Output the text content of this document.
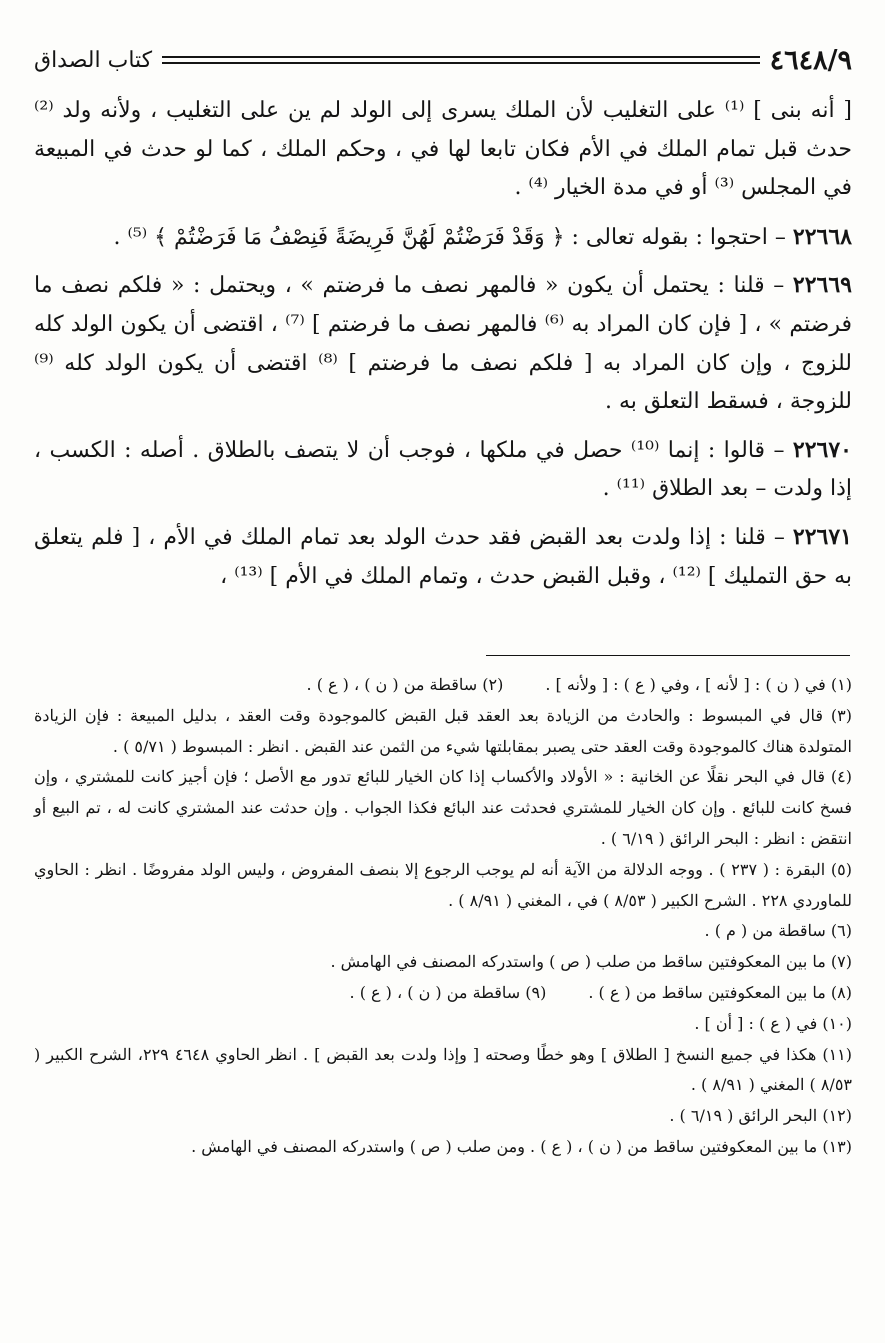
٤٦٤٨/٩
كتاب الصداق

[ أنه بنى ] ⁽¹⁾ على التغليب لأن الملك يسرى إلى الولد لم ين على التغليب ، ولأنه ولد ⁽²⁾ حدث قبل تمام الملك في الأم فكان تابعا لها في ، وحكم الملك ، كما لو حدث في المبيعة في المجلس ⁽³⁾ أو في مدة الخيار ⁽⁴⁾ .

٢٢٦٦٨ – احتجوا : بقوله تعالى : ﴿ وَقَدْ فَرَضْتُمْ لَهُنَّ فَرِيضَةً فَنِصْفُ مَا فَرَضْتُمْ ﴾ ⁽⁵⁾ .

٢٢٦٦٩ – قلنا : يحتمل أن يكون « فالمهر نصف ما فرضتم » ، ويحتمل : « فلكم نصف ما فرضتم » ، [ فإن كان المراد به ⁽⁶⁾ فالمهر نصف ما فرضتم ] ⁽⁷⁾ ، اقتضى أن يكون الولد كله للزوج ، وإن كان المراد به [ فلكم نصف ما فرضتم ] ⁽⁸⁾ اقتضى أن يكون الولد كله ⁽⁹⁾ للزوجة ، فسقط التعلق به .

٢٢٦٧٠ – قالوا : إنما ⁽¹⁰⁾ حصل في ملكها ، فوجب أن لا يتصف بالطلاق . أصله : الكسب ، إذا ولدت – بعد الطلاق ⁽¹¹⁾ .

٢٢٦٧١ – قلنا : إذا ولدت بعد القبض فقد حدث الولد بعد تمام الملك في الأم ، [ فلم يتعلق به حق التمليك ] ⁽¹²⁾ ، وقبل القبض حدث ، وتمام الملك في الأم ] ⁽¹³⁾ ،

(١) في ( ن ) : [ لأنه ] ، وفي ( ع ) : [ ولأنه ] .

(٢) ساقطة من ( ن ) ، ( ع ) .

(٣) قال في المبسوط : والحادث من الزيادة بعد العقد قبل القبض كالموجودة وقت العقد ، بدليل المبيعة : فإن الزيادة المتولدة هناك كالموجودة وقت العقد حتى يصبر بمقابلتها شيء من الثمن عند القبض . انظر : المبسوط ( ٥/٧١ ) .

(٤) قال في البحر نقلًا عن الخانية : « الأولاد والأكساب إذا كان الخيار للبائع تدور مع الأصل ؛ فإن أجيز كانت للمشتري ، وإن فسخ كانت للبائع . وإن كان الخيار للمشتري فحدثت عند البائع فكذا الجواب . وإن حدثت عند المشتري كانت له ، تم البيع أو انتقض : انظر : البحر الرائق ( ٦/١٩ ) .

(٥) البقرة : ( ٢٣٧ ) . ووجه الدلالة من الآية أنه لم يوجب الرجوع إلا بنصف المفروض ، وليس الولد مفروضًا . انظر : الحاوي للماوردي ٢٢٨ . الشرح الكبير ( ٨/٥٣ ) في ، المغني ( ٨/٩١ ) .

(٦) ساقطة من ( م ) .

(٧) ما بين المعكوفتين ساقط من صلب ( ص ) واستدركه المصنف في الهامش .

(٨) ما بين المعكوفتين ساقط من ( ع ) .

(٩) ساقطة من ( ن ) ، ( ع ) .

(١٠) في ( ع ) : [ أن ] .

(١١) هكذا في جميع النسخ [ الطلاق ] وهو خطًا وصحته [ وإذا ولدت بعد القبض ] . انظر الحاوي ٤٦٤٨ ٢٢٩، الشرح الكبير ( ٨/٥٣ ) المغني ( ٨/٩١ ) .

(١٢) البحر الرائق ( ٦/١٩ ) .

(١٣) ما بين المعكوفتين ساقط من ( ن ) ، ( ع ) . ومن صلب ( ص ) واستدركه المصنف في الهامش .
